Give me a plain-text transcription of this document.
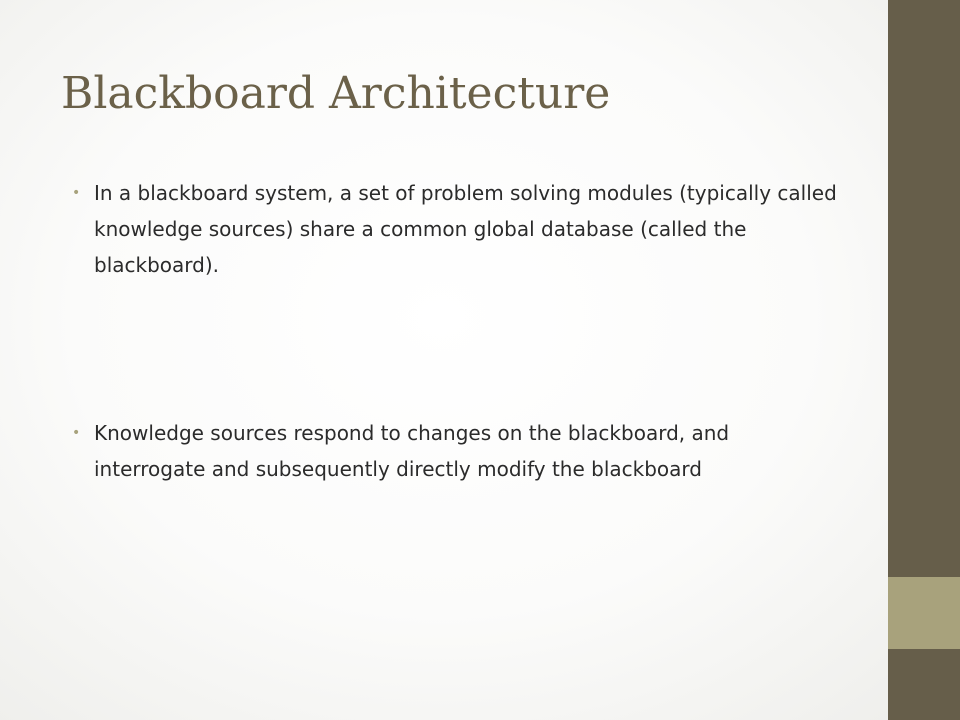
Blackboard Architecture
• In a blackboard system, a set of problem solving modules (typically called knowledge sources) share a common global database (called the blackboard).
• Knowledge sources respond to changes on the blackboard, and interrogate and subsequently directly modify the blackboard
